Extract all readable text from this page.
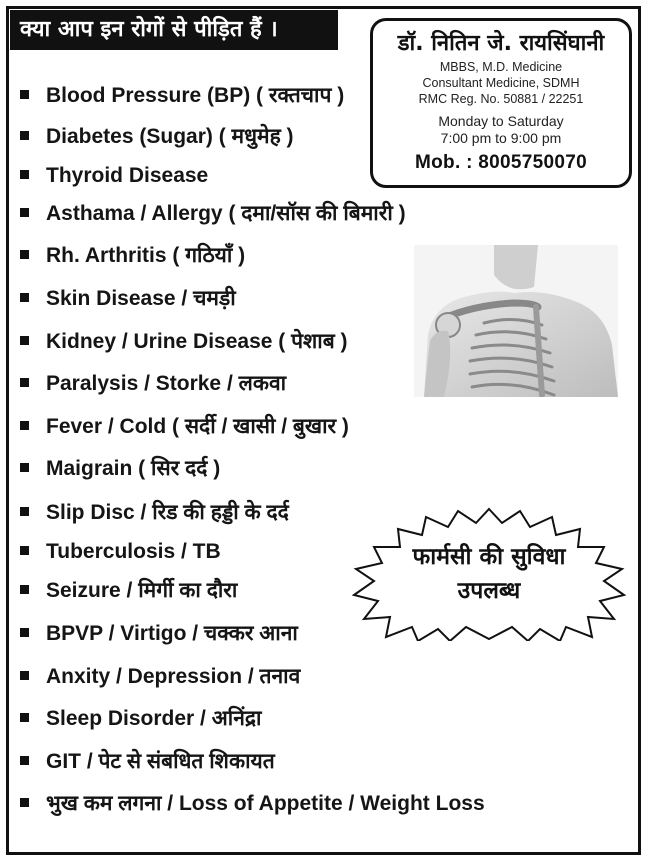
क्या आप इन रोगों से पीड़ित हैं ।
डॉ. नितिन जे. रायसिंघानी
MBBS, M.D. Medicine
Consultant Medicine, SDMH
RMC Reg. No. 50881 / 22251
Monday to Saturday
7:00 pm to 9:00 pm
Mob. : 8005750070
Blood Pressure (BP) ( रक्तचाप )
Diabetes (Sugar) ( मधुमेह )
Thyroid Disease
Asthama / Allergy ( दमा/सॉस की बिमारी )
Rh. Arthritis ( गठियाँ )
Skin Disease / चमड़ी
Kidney / Urine Disease ( पेशाब )
Paralysis / Storke / लकवा
Fever / Cold ( सर्दी / खासी / बुखार )
Maigrain ( सिर दर्द )
Slip Disc / रिड की हड्डी के दर्द
Tuberculosis / TB
Seizure / मिर्गी का दौरा
BPVP / Virtigo / चक्कर आना
Anxity / Depression / तनाव
Sleep Disorder / अनिंद्रा
GIT / पेट से संबधित शिकायत
भुख कम लगना / Loss of Appetite / Weight Loss
फार्मसी की सुविधा
उपलब्ध
